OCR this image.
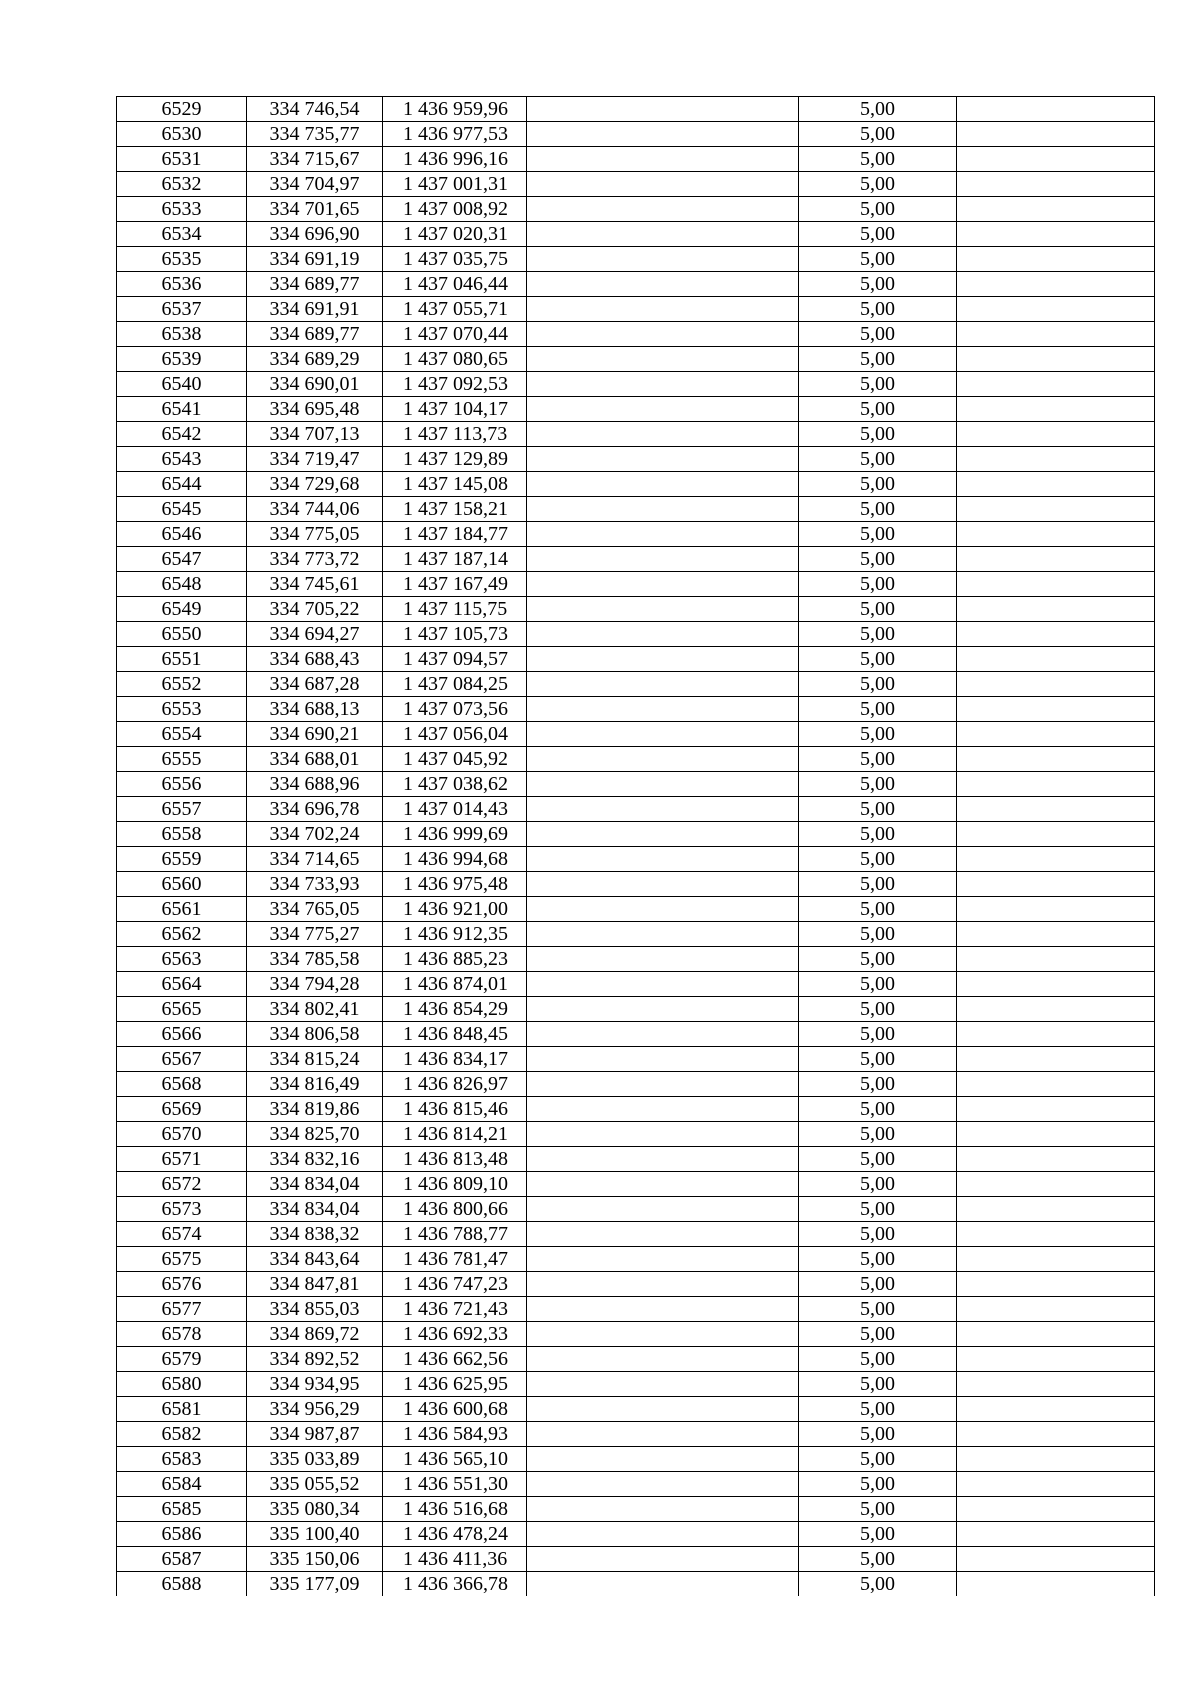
6529	334 746,54	1 436 959,96		5,00	
6530	334 735,77	1 436 977,53		5,00	
6531	334 715,67	1 436 996,16		5,00	
6532	334 704,97	1 437 001,31		5,00	
6533	334 701,65	1 437 008,92		5,00	
6534	334 696,90	1 437 020,31		5,00	
6535	334 691,19	1 437 035,75		5,00	
6536	334 689,77	1 437 046,44		5,00	
6537	334 691,91	1 437 055,71		5,00	
6538	334 689,77	1 437 070,44		5,00	
6539	334 689,29	1 437 080,65		5,00	
6540	334 690,01	1 437 092,53		5,00	
6541	334 695,48	1 437 104,17		5,00	
6542	334 707,13	1 437 113,73		5,00	
6543	334 719,47	1 437 129,89		5,00	
6544	334 729,68	1 437 145,08		5,00	
6545	334 744,06	1 437 158,21		5,00	
6546	334 775,05	1 437 184,77		5,00	
6547	334 773,72	1 437 187,14		5,00	
6548	334 745,61	1 437 167,49		5,00	
6549	334 705,22	1 437 115,75		5,00	
6550	334 694,27	1 437 105,73		5,00	
6551	334 688,43	1 437 094,57		5,00	
6552	334 687,28	1 437 084,25		5,00	
6553	334 688,13	1 437 073,56		5,00	
6554	334 690,21	1 437 056,04		5,00	
6555	334 688,01	1 437 045,92		5,00	
6556	334 688,96	1 437 038,62		5,00	
6557	334 696,78	1 437 014,43		5,00	
6558	334 702,24	1 436 999,69		5,00	
6559	334 714,65	1 436 994,68		5,00	
6560	334 733,93	1 436 975,48		5,00	
6561	334 765,05	1 436 921,00		5,00	
6562	334 775,27	1 436 912,35		5,00	
6563	334 785,58	1 436 885,23		5,00	
6564	334 794,28	1 436 874,01		5,00	
6565	334 802,41	1 436 854,29		5,00	
6566	334 806,58	1 436 848,45		5,00	
6567	334 815,24	1 436 834,17		5,00	
6568	334 816,49	1 436 826,97		5,00	
6569	334 819,86	1 436 815,46		5,00	
6570	334 825,70	1 436 814,21		5,00	
6571	334 832,16	1 436 813,48		5,00	
6572	334 834,04	1 436 809,10		5,00	
6573	334 834,04	1 436 800,66		5,00	
6574	334 838,32	1 436 788,77		5,00	
6575	334 843,64	1 436 781,47		5,00	
6576	334 847,81	1 436 747,23		5,00	
6577	334 855,03	1 436 721,43		5,00	
6578	334 869,72	1 436 692,33		5,00	
6579	334 892,52	1 436 662,56		5,00	
6580	334 934,95	1 436 625,95		5,00	
6581	334 956,29	1 436 600,68		5,00	
6582	334 987,87	1 436 584,93		5,00	
6583	335 033,89	1 436 565,10		5,00	
6584	335 055,52	1 436 551,30		5,00	
6585	335 080,34	1 436 516,68		5,00	
6586	335 100,40	1 436 478,24		5,00	
6587	335 150,06	1 436 411,36		5,00	
6588	335 177,09	1 436 366,78		5,00	
